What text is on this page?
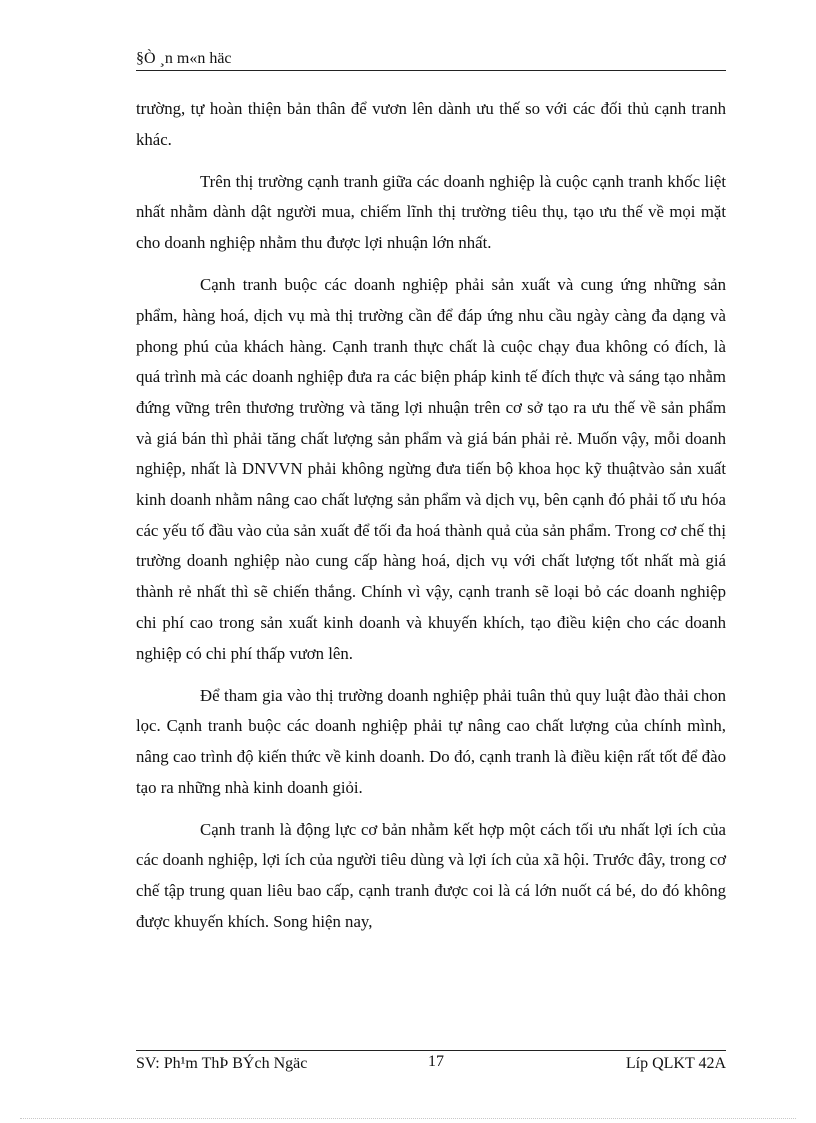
§Ò ¸n m«n häc

trường, tự hoàn thiện bản thân để vươn lên dành ưu thế so với các đối thủ cạnh tranh khác.

Trên thị trường cạnh tranh giữa các doanh nghiệp là cuộc cạnh tranh khốc liệt nhất nhằm dành dật người mua, chiếm lĩnh thị trường tiêu thụ, tạo ưu thế về mọi mặt cho doanh nghiệp nhằm thu được lợi nhuận lớn nhất.

Cạnh tranh buộc các doanh nghiệp phải sản xuất và cung ứng những sản phẩm, hàng hoá, dịch vụ mà thị trường cần để đáp ứng nhu cầu ngày càng đa dạng và phong phú của khách hàng. Cạnh tranh thực chất là cuộc chạy đua không có đích, là quá trình mà các doanh nghiệp đưa ra các biện pháp kinh tế đích thực và sáng tạo nhằm đứng vững trên thương trường và tăng lợi nhuận trên cơ sở tạo ra ưu thế về sản phẩm và giá bán thì phải tăng chất lượng sản phẩm và giá bán phải rẻ. Muốn vậy, mỗi doanh nghiệp, nhất là DNVVN phải không ngừng đưa tiến bộ khoa học kỹ thuậtvào sản xuất kinh doanh nhằm nâng cao chất lượng sản phẩm và dịch vụ, bên cạnh đó phải tố ưu hóa các yếu tố đầu vào của sản xuất để tối đa hoá thành quả của sản phẩm. Trong cơ chế thị trường doanh nghiệp nào cung cấp hàng hoá, dịch vụ với chất lượng tốt nhất mà giá thành rẻ nhất thì sẽ chiến thắng. Chính vì vậy, cạnh tranh sẽ loại bỏ các doanh nghiệp chi phí cao trong sản xuất kinh doanh và khuyến khích, tạo điều kiện cho các doanh nghiệp có chi phí thấp vươn lên.

Để tham gia vào thị trường doanh nghiệp phải tuân thủ quy luật đào thải chon lọc. Cạnh tranh buộc các doanh nghiệp phải tự nâng cao chất lượng của chính mình, nâng cao trình độ kiến thức về kinh doanh. Do đó, cạnh tranh là điều kiện rất tốt để đào tạo ra những nhà kinh doanh giỏi.

Cạnh tranh là động lực cơ bản nhằm kết hợp một cách tối ưu nhất lợi ích của các doanh nghiệp, lợi ích của người tiêu dùng và lợi ích của xã hội. Trước đây, trong cơ chế tập trung quan liêu bao cấp, cạnh tranh được coi là cá lớn nuốt cá bé, do đó không được khuyến khích. Song hiện nay,

SV: Ph¹m ThÞ BÝch Ngäc	17	Líp QLKT 42A
